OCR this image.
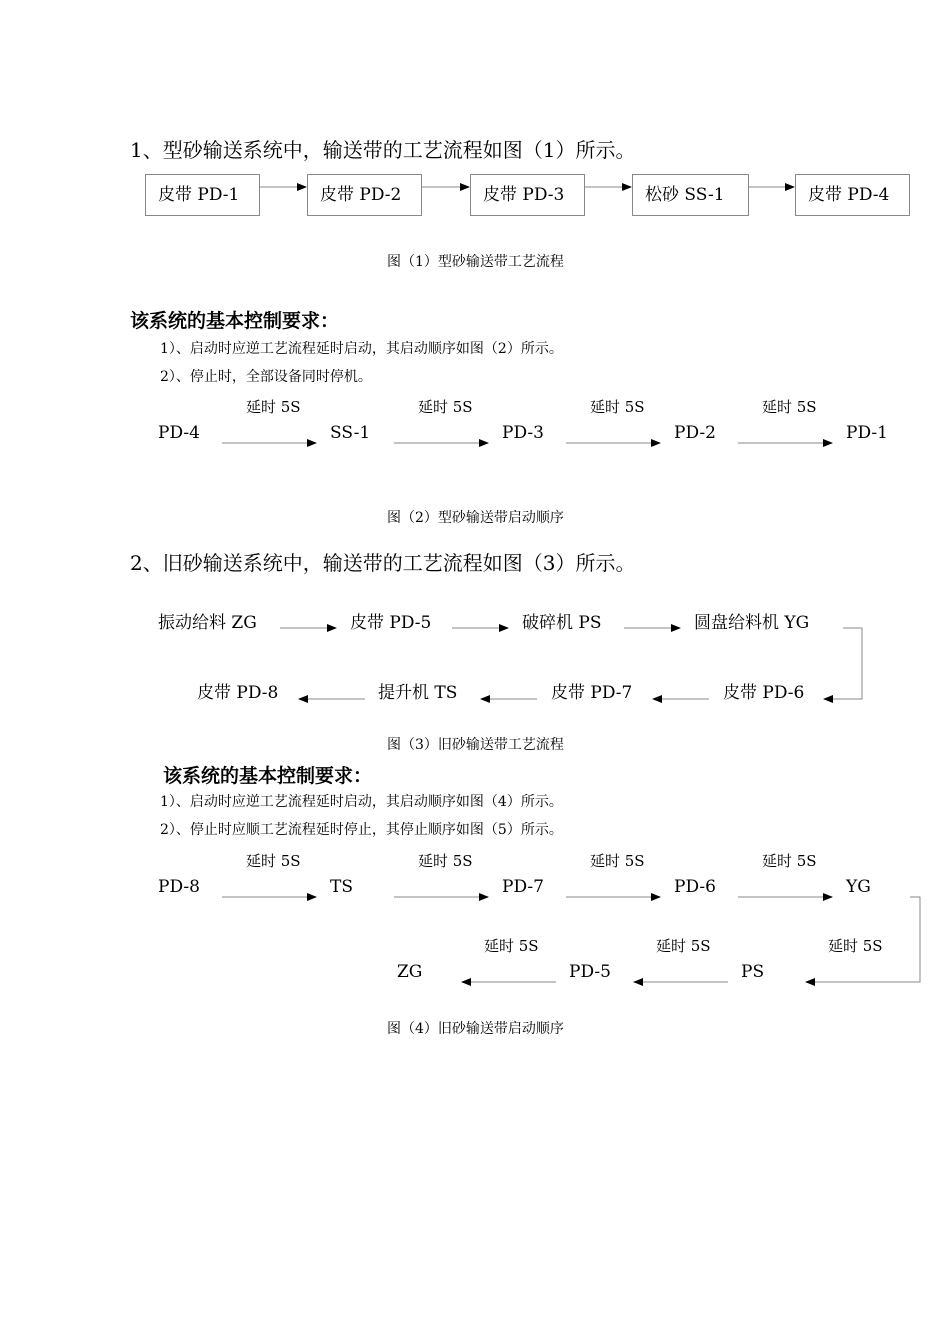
1、型砂输送系统中，输送带的工艺流程如图（1）所示。
皮带 PD-1	皮带 PD-2	皮带 PD-3	松砂 SS-1	皮带 PD-4
图（1）型砂输送带工艺流程
该系统的基本控制要求：
1）、启动时应逆工艺流程延时启动，其启动顺序如图（2）所示。
2）、停止时，全部设备同时停机。
延时 5S	延时 5S	延时 5S	延时 5S
PD-4	SS-1	PD-3	PD-2	PD-1
图（2）型砂输送带启动顺序
2、旧砂输送系统中，输送带的工艺流程如图（3）所示。
振动给料 ZG	皮带 PD-5	破碎机 PS	圆盘给料机 YG
皮带 PD-8	提升机 TS	皮带 PD-7	皮带 PD-6
图（3）旧砂输送带工艺流程
该系统的基本控制要求：
1）、启动时应逆工艺流程延时启动，其启动顺序如图（4）所示。
2）、停止时应顺工艺流程延时停止，其停止顺序如图（5）所示。
延时 5S	延时 5S	延时 5S	延时 5S
PD-8	TS	PD-7	PD-6	YG
延时 5S	延时 5S	延时 5S
ZG	PD-5	PS
图（4）旧砂输送带启动顺序
